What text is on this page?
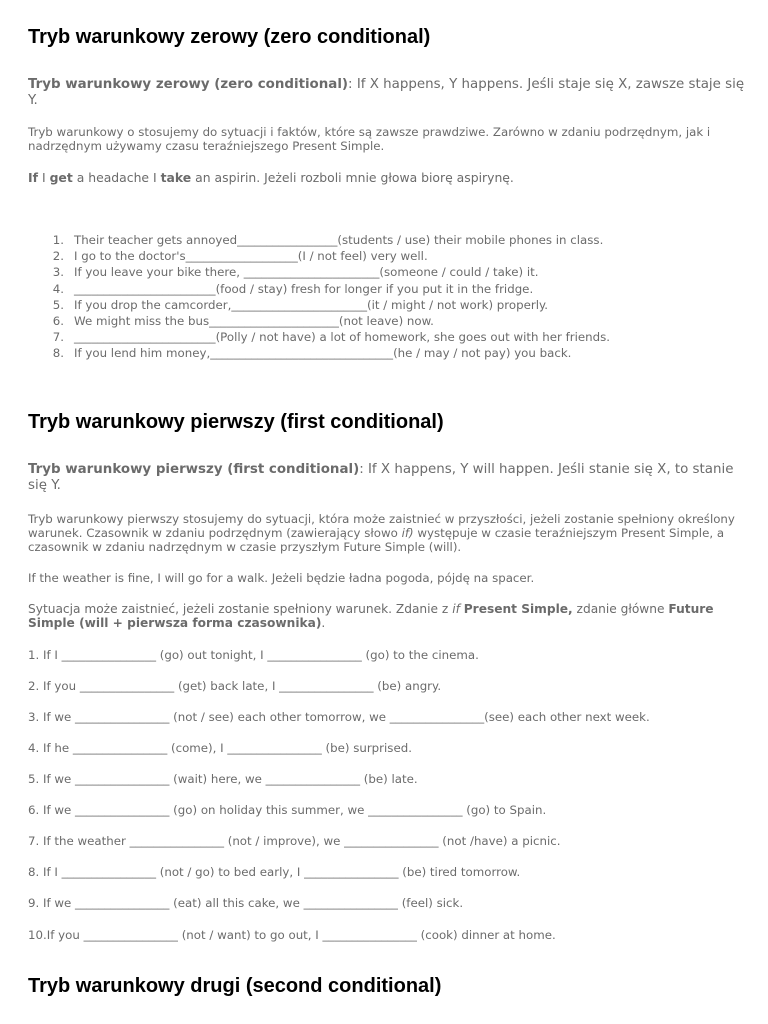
Tryb warunkowy zerowy (zero conditional)

Tryb warunkowy zerowy (zero conditional): If X happens, Y happens. Jeśli staje się X, zawsze staje się Y.

Tryb warunkowy o stosujemy do sytuacji i faktów, które są zawsze prawdziwe. Zarówno w zdaniu podrzędnym, jak i nadrzędnym używamy czasu teraźniejszego Present Simple.

If I get a headache I take an aspirin. Jeżeli rozboli mnie głowa biorę aspirynę.

1. Their teacher gets annoyed_________________(students / use) their mobile phones in class.
2. I go to the doctor's___________________(I / not feel) very well.
3. If you leave your bike there, _______________________(someone / could / take) it.
4. ________________________(food / stay) fresh for longer if you put it in the fridge.
5. If you drop the camcorder,_______________________(it / might / not work) properly.
6. We might miss the bus______________________(not leave) now.
7. ________________________(Polly / not have) a lot of homework, she goes out with her friends.
8. If you lend him money,_______________________________(he / may / not pay) you back.
Tryb warunkowy pierwszy (first conditional)

Tryb warunkowy pierwszy (first conditional): If X happens, Y will happen. Jeśli stanie się X, to stanie się Y.

Tryb warunkowy pierwszy stosujemy do sytuacji, która może zaistnieć w przyszłości, jeżeli zostanie spełniony określony warunek. Czasownik w zdaniu podrzędnym (zawierający słowo if) występuje w czasie teraźniejszym Present Simple, a czasownik w zdaniu nadrzędnym w czasie przyszłym Future Simple (will).

If the weather is fine, I will go for a walk. Jeżeli będzie ładna pogoda, pójdę na spacer.

Sytuacja może zaistnieć, jeżeli zostanie spełniony warunek. Zdanie z if Present Simple, zdanie główne Future Simple (will + pierwsza forma czasownika).

1. If I ________________ (go) out tonight, I ________________ (go) to the cinema.

2. If you ________________ (get) back late, I ________________ (be) angry.

3. If we ________________ (not / see) each other tomorrow, we ________________(see) each other next week.

4. If he ________________ (come), I ________________ (be) surprised.

5. If we ________________ (wait) here, we ________________ (be) late.

6. If we ________________ (go) on holiday this summer, we ________________ (go) to Spain.

7. If the weather ________________ (not / improve), we ________________ (not /have) a picnic.

8. If I ________________ (not / go) to bed early, I ________________ (be) tired tomorrow.

9. If we ________________ (eat) all this cake, we ________________ (feel) sick.

10.If you ________________ (not / want) to go out, I ________________ (cook) dinner at home.

Tryb warunkowy drugi (second conditional)
